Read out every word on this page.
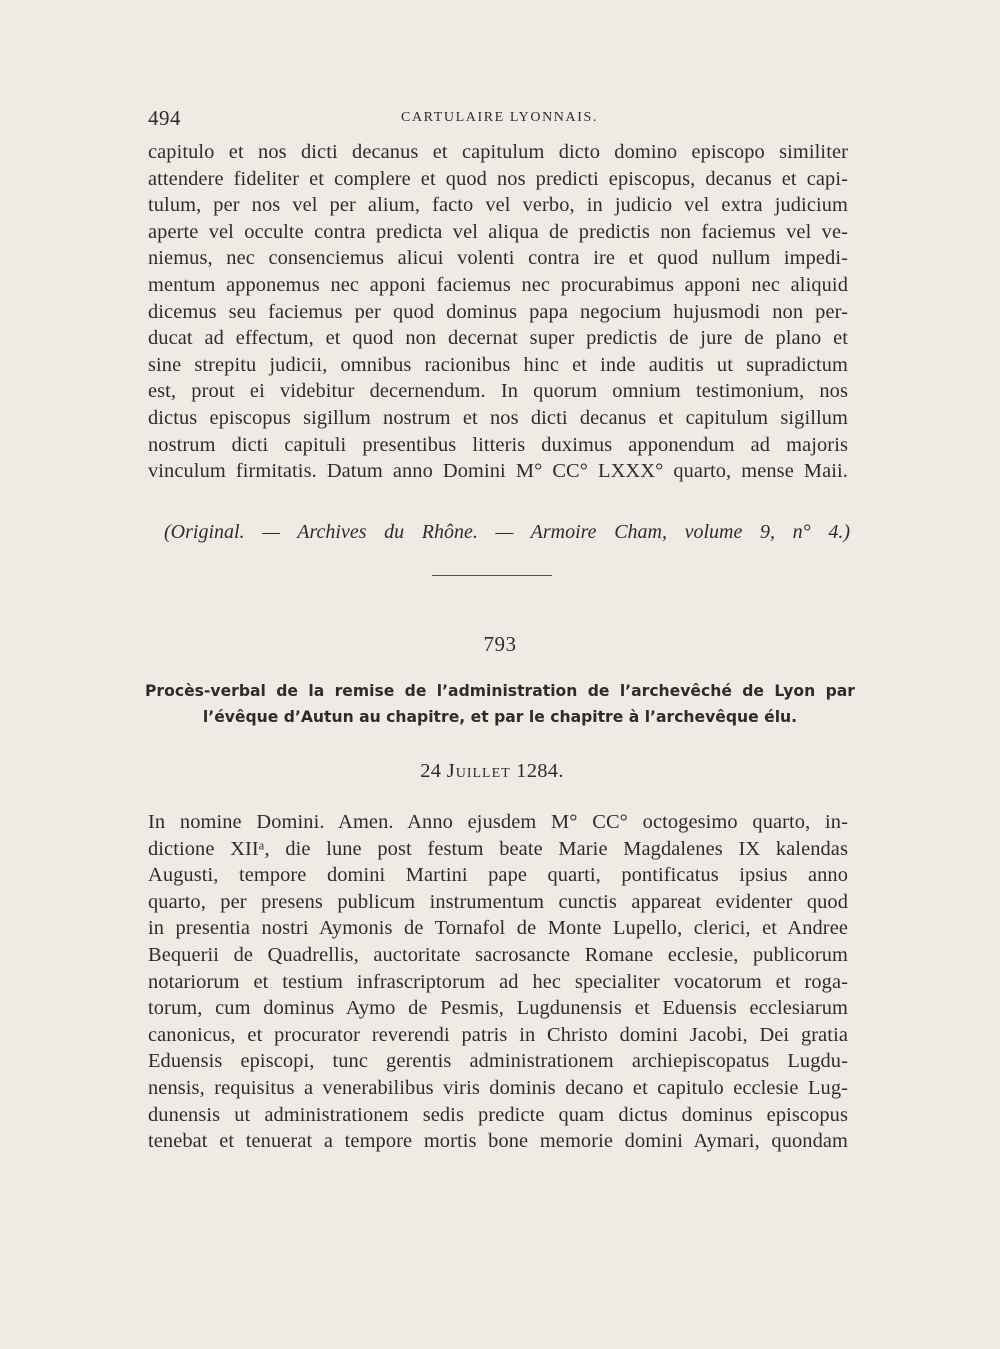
494	CARTULAIRE LYONNAIS.
capitulo et nos dicti decanus et capitulum dicto domino episcopo similiter
attendere fideliter et complere et quod nos predicti episcopus, decanus et capi-
tulum, per nos vel per alium, facto vel verbo, in judicio vel extra judicium
aperte vel occulte contra predicta vel aliqua de predictis non faciemus vel ve-
niemus, nec consenciemus alicui volenti contra ire et quod nullum impedi-
mentum apponemus nec apponi faciemus nec procurabimus apponi nec aliquid
dicemus seu faciemus per quod dominus papa negocium hujusmodi non per-
ducat ad effectum, et quod non decernat super predictis de jure de plano et
sine strepitu judicii, omnibus racionibus hinc et inde auditis ut supradictum
est, prout ei videbitur decernendum. In quorum omnium testimonium, nos
dictus episcopus sigillum nostrum et nos dicti decanus et capitulum sigillum
nostrum dicti capituli presentibus litteris duximus apponendum ad majoris
vinculum firmitatis. Datum anno Domini M° CC° LXXX° quarto, mense Maii.
(Original. — Archives du Rhône. — Armoire Cham, volume 9, n° 4.)
793
Procès-verbal de la remise de l’administration de l’archevêché de Lyon par
l’évêque d’Autun au chapitre, et par le chapitre à l’archevêque élu.
24 Juillet 1284.
In nomine Domini. Amen. Anno ejusdem M° CC° octogesimo quarto, in-
dictione XIIᵃ, die lune post festum beate Marie Magdalenes IX kalendas
Augusti, tempore domini Martini pape quarti, pontificatus ipsius anno
quarto, per presens publicum instrumentum cunctis appareat evidenter quod
in presentia nostri Aymonis de Tornafol de Monte Lupello, clerici, et Andree
Bequerii de Quadrellis, auctoritate sacrosancte Romane ecclesie, publicorum
notariorum et testium infrascriptorum ad hec specialiter vocatorum et roga-
torum, cum dominus Aymo de Pesmis, Lugdunensis et Eduensis ecclesiarum
canonicus, et procurator reverendi patris in Christo domini Jacobi, Dei gratia
Eduensis episcopi, tunc gerentis administrationem archiepiscopatus Lugdu-
nensis, requisitus a venerabilibus viris dominis decano et capitulo ecclesie Lug-
dunensis ut administrationem sedis predicte quam dictus dominus episcopus
tenebat et tenuerat a tempore mortis bone memorie domini Aymari, quondam
